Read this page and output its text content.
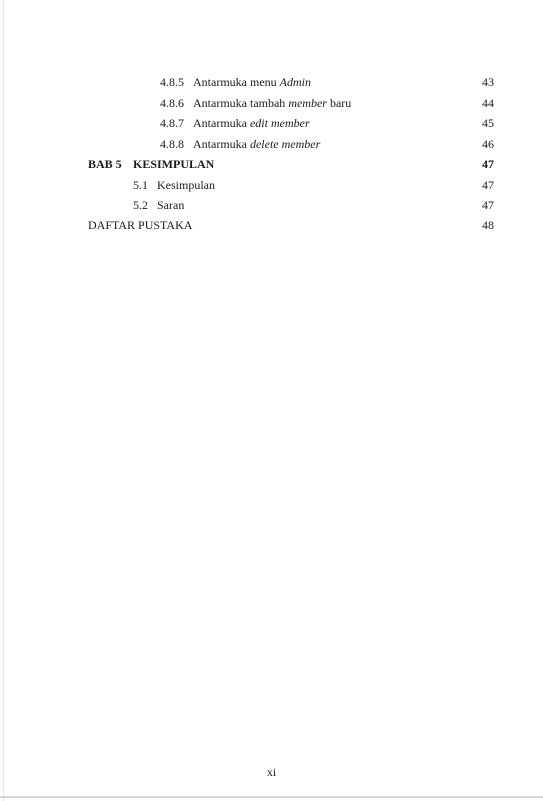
4.8.5 Antarmuka menu Admin	43
4.8.6 Antarmuka tambah member baru	44
4.8.7 Antarmuka edit member	45
4.8.8 Antarmuka delete member	46
BAB 5 KESIMPULAN	47
5.1 Kesimpulan	47
5.2 Saran	47
DAFTAR PUSTAKA	48
xi
